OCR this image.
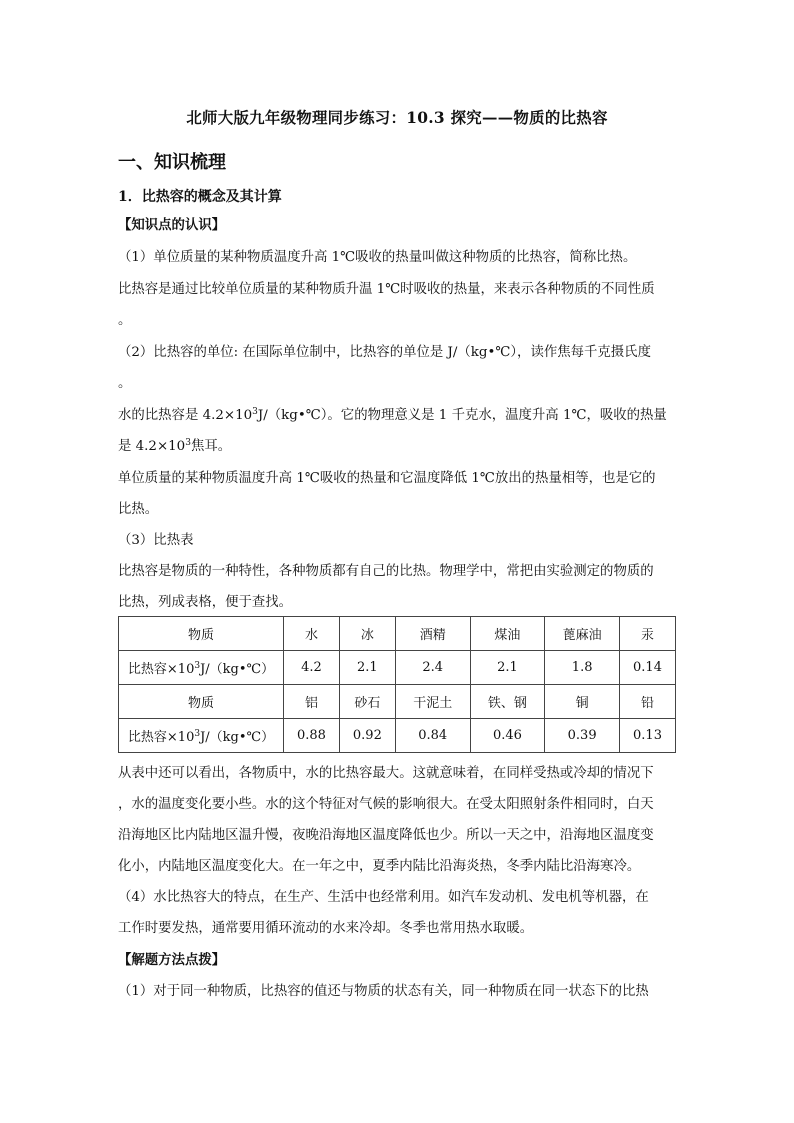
北师大版九年级物理同步练习：10.3 探究——物质的比热容
一、知识梳理
1．比热容的概念及其计算
【知识点的认识】
（1）单位质量的某种物质温度升高 1℃吸收的热量叫做这种物质的比热容，简称比热。
比热容是通过比较单位质量的某种物质升温 1℃时吸收的热量，来表示各种物质的不同性质
。
（2）比热容的单位: 在国际单位制中，比热容的单位是 J/（kg•℃），读作焦每千克摄氏度
。
水的比热容是 $4.2\times 10^3J/(kg•℃)$。它的物理意义是 1 千克水，温度升高 1℃，吸收的热量
是 $4.2\times 10^3$焦耳。
单位质量的某种物质温度升高 1℃吸收的热量和它温度降低 1℃放出的热量相等，也是它的
比热。
（3）比热表
比热容是物质的一种特性，各种物质都有自己的比热。物理学中，常把由实验测定的物质的
比热，列成表格，便于查找。
物质	水	冰	酒精	煤油	蓖麻油	汞
比热容$\times 10^3J/(kg•℃)$	4.2	2.1	2.4	2.1	1.8	0.14
物质	铝	砂石	干泥土	铁、钢	铜	铅
比热容$\times 10^3J/(kg•℃)$	0.88	0.92	0.84	0.46	0.39	0.13
从表中还可以看出，各物质中，水的比热容最大。这就意味着，在同样受热或冷却的情况下
，水的温度变化要小些。水的这个特征对气候的影响很大。在受太阳照射条件相同时，白天
沿海地区比内陆地区温升慢，夜晚沿海地区温度降低也少。所以一天之中，沿海地区温度变
化小，内陆地区温度变化大。在一年之中，夏季内陆比沿海炎热，冬季内陆比沿海寒冷。
（4）水比热容大的特点，在生产、生活中也经常利用。如汽车发动机、发电机等机器，在
工作时要发热，通常要用循环流动的水来冷却。冬季也常用热水取暖。
【解题方法点拨】
（1）对于同一种物质，比热容的值还与物质的状态有关，同一种物质在同一状态下的比热
